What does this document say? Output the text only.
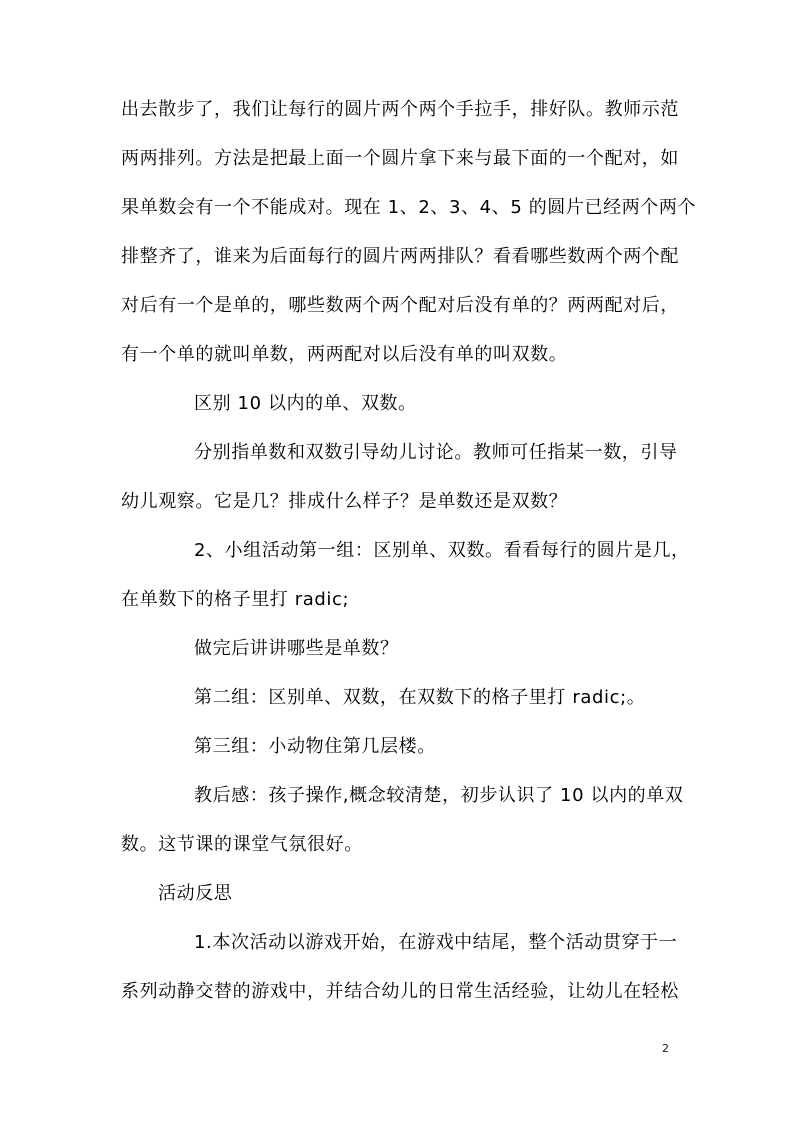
出去散步了，我们让每行的圆片两个两个手拉手，排好队。教师示范
两两排列。方法是把最上面一个圆片拿下来与最下面的一个配对，如
果单数会有一个不能成对。现在 1、2、3、4、5 的圆片已经两个两个
排整齐了，谁来为后面每行的圆片两两排队？看看哪些数两个两个配
对后有一个是单的，哪些数两个两个配对后没有单的？两两配对后，
有一个单的就叫单数，两两配对以后没有单的叫双数。
区别 10 以内的单、双数。
分别指单数和双数引导幼儿讨论。教师可任指某一数，引导
幼儿观察。它是几？排成什么样子？是单数还是双数？
2、小组活动第一组：区别单、双数。看看每行的圆片是几，
在单数下的格子里打 radic;
做完后讲讲哪些是单数？
第二组：区别单、双数，在双数下的格子里打 radic;。
第三组：小动物住第几层楼。
教后感：孩子操作,概念较清楚，初步认识了 10 以内的单双
数。这节课的课堂气氛很好。
活动反思
1.本次活动以游戏开始，在游戏中结尾，整个活动贯穿于一
系列动静交替的游戏中，并结合幼儿的日常生活经验，让幼儿在轻松
2
